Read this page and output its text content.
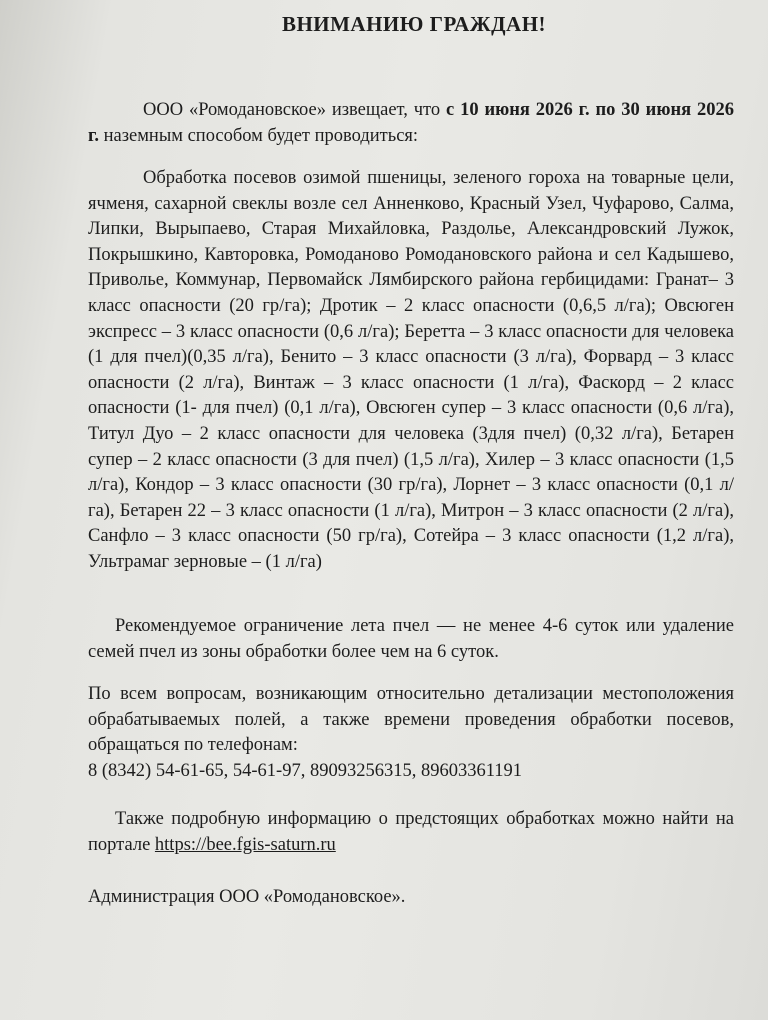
ВНИМАНИЮ ГРАЖДАН!

ООО «Ромодановское» извещает, что с 10 июня 2026 г. по 30 июня 2026 г. наземным способом будет проводиться:

Обработка посевов озимой пшеницы, зеленого гороха на товарные цели, ячменя, сахарной свеклы возле сел Анненково, Красный Узел, Чуфарово, Салма, Липки, Вырыпаево, Старая Михайловка, Раздолье, Александровский Лужок, Покрышкино, Кавторовка, Ромоданово Ромодановского района и сел Кадышево, Приволье, Коммунар, Первомайск Лямбирского района гербицидами: Гранат– 3 класс опасности (20 гр/га); Дротик – 2 класс опасности (0,6,5 л/га); Овсюген экспресс – 3 класс опасности (0,6 л/га); Беретта – 3 класс опасности для человека (1 для пчел)(0,35 л/га), Бенито – 3 класс опасности (3 л/га), Форвард – 3 класс опасности (2 л/га), Винтаж – 3 класс опасности (1 л/га), Фаскорд – 2 класс опасности (1- для пчел) (0,1 л/га), Овсюген супер – 3 класс опасности (0,6 л/га), Титул Дуо – 2 класс опасности для человека (3для пчел) (0,32 л/га), Бетарен супер – 2 класс опасности (3 для пчел) (1,5 л/га), Хилер – 3 класс опасности (1,5 л/га), Кондор – 3 класс опасности (30 гр/га), Лорнет – 3 класс опасности (0,1 л/га), Бетарен 22 – 3 класс опасности (1 л/га), Митрон – 3 класс опасности (2 л/га), Санфло – 3 класс опасности (50 гр/га), Сотейра – 3 класс опасности (1,2 л/га), Ультрамаг зерновые – (1 л/га)

Рекомендуемое ограничение лета пчел — не менее 4-6 суток или удаление семей пчел из зоны обработки более чем на 6 суток.

По всем вопросам, возникающим относительно детализации местоположения обрабатываемых полей, а также времени проведения обработки посевов, обращаться по телефонам:
8 (8342) 54-61-65, 54-61-97, 89093256315, 89603361191

Также подробную информацию о предстоящих обработках можно найти на портале https://bee.fgis-saturn.ru

Администрация ООО «Ромодановское».
